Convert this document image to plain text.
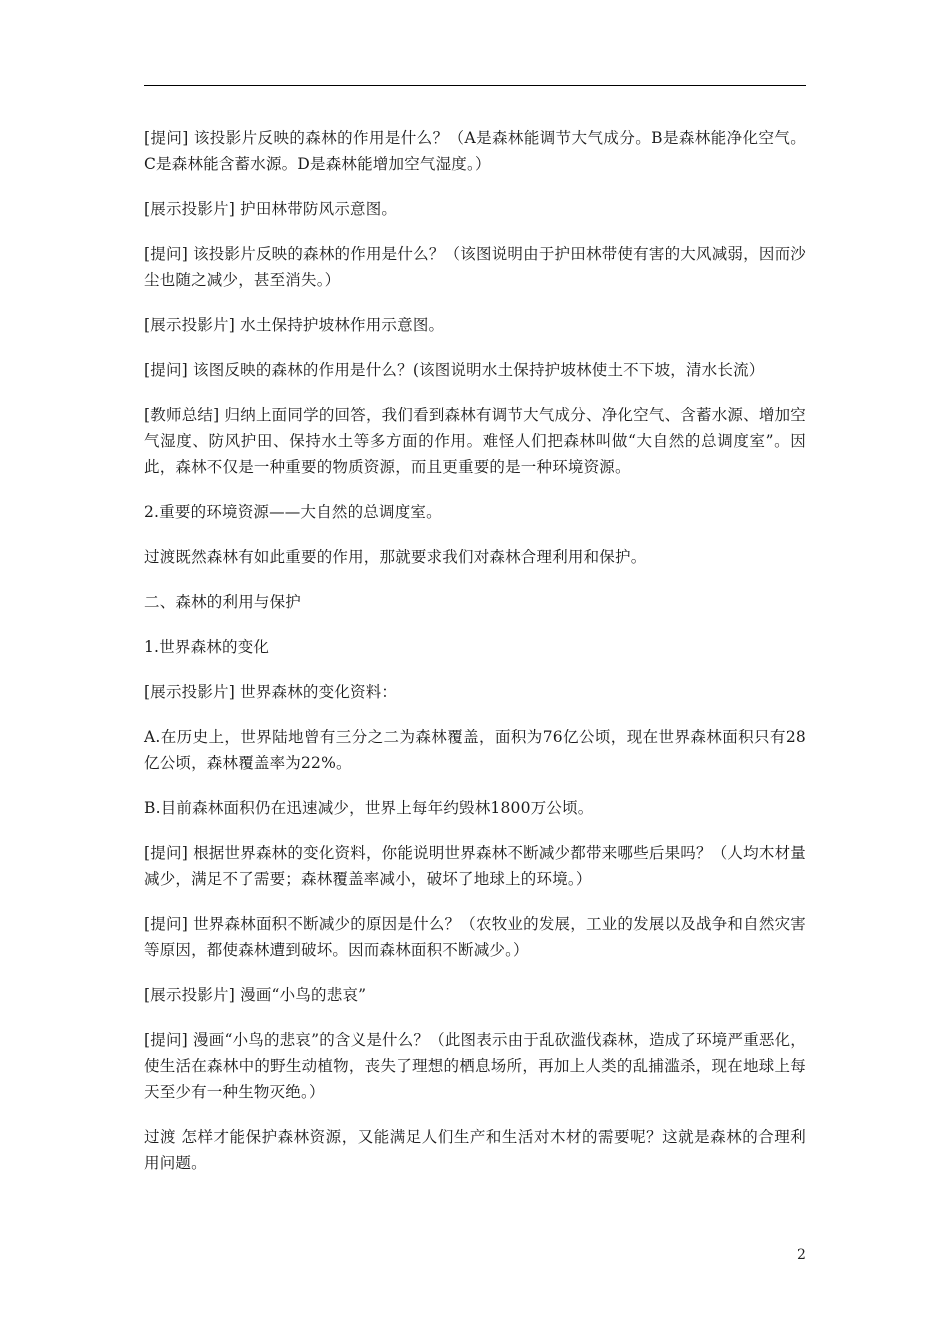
[提问] 该投影片反映的森林的作用是什么？（A是森林能调节大气成分。B是森林能净化空气。C是森林能含蓄水源。D是森林能增加空气湿度。）

[展示投影片] 护田林带防风示意图。

[提问] 该投影片反映的森林的作用是什么？（该图说明由于护田林带使有害的大风减弱，因而沙尘也随之减少，甚至消失。）

[展示投影片] 水土保持护坡林作用示意图。

[提问] 该图反映的森林的作用是什么？(该图说明水土保持护坡林使土不下坡，清水长流）

[教师总结] 归纳上面同学的回答，我们看到森林有调节大气成分、净化空气、含蓄水源、增加空气湿度、防风护田、保持水土等多方面的作用。难怪人们把森林叫做“大自然的总调度室”。因此，森林不仅是一种重要的物质资源，而且更重要的是一种环境资源。

2.重要的环境资源——大自然的总调度室。

过渡既然森林有如此重要的作用，那就要求我们对森林合理利用和保护。

二、森林的利用与保护

1.世界森林的变化

[展示投影片] 世界森林的变化资料：

A.在历史上，世界陆地曾有三分之二为森林覆盖，面积为76亿公顷，现在世界森林面积只有28亿公顷，森林覆盖率为22%。

B.目前森林面积仍在迅速减少，世界上每年约毁林1800万公顷。

[提问] 根据世界森林的变化资料，你能说明世界森林不断减少都带来哪些后果吗？（人均木材量减少，满足不了需要；森林覆盖率减小，破坏了地球上的环境。）

[提问] 世界森林面积不断减少的原因是什么？（农牧业的发展，工业的发展以及战争和自然灾害等原因，都使森林遭到破坏。因而森林面积不断减少。）

[展示投影片] 漫画“小鸟的悲哀”

[提问] 漫画“小鸟的悲哀”的含义是什么？（此图表示由于乱砍滥伐森林，造成了环境严重恶化，使生活在森林中的野生动植物，丧失了理想的栖息场所，再加上人类的乱捕滥杀，现在地球上每天至少有一种生物灭绝。）

过渡 怎样才能保护森林资源，又能满足人们生产和生活对木材的需要呢？这就是森林的合理利用问题。

2
